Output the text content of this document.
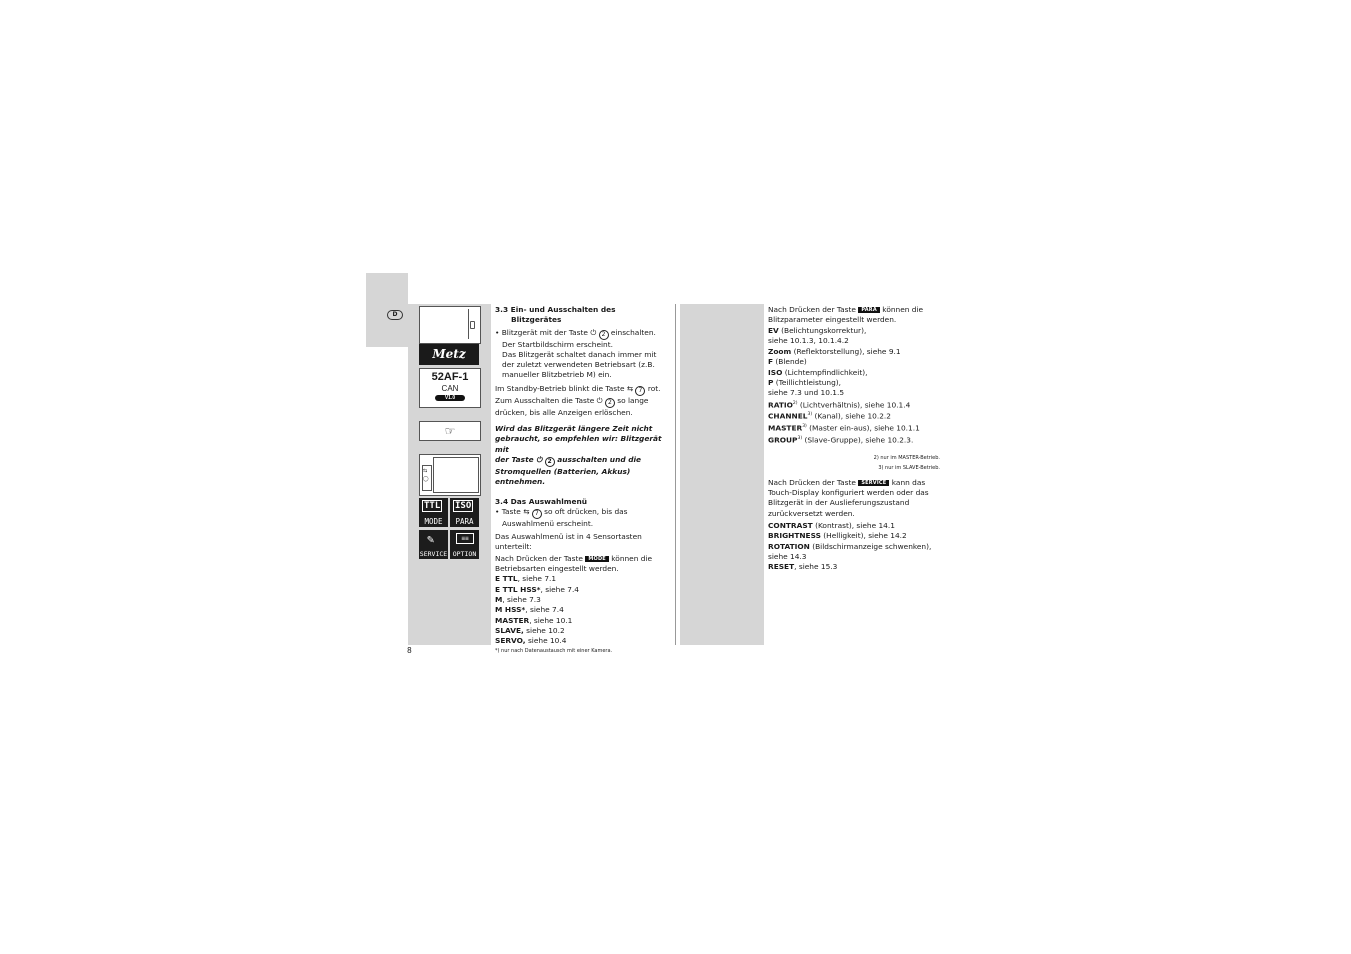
D
Metz
52AF-1
CAN
V1.0
☞
⇆
◯
TTL
MODE
ISO
PARA
✎
SERVICE
≡≡
OPTION
8

3.3 Ein- und Ausschalten des

Blitzgerätes

• Blitzgerät mit der Taste ⏻ 2 einschalten.

Der Startbildschirm erscheint.

Das Blitzgerät schaltet danach immer mit

der zuletzt verwendeten Betriebsart (z.B.

manueller Blitzbetrieb M) ein.

Im Standby-Betrieb blinkt die Taste ⇆ 7 rot.

Zum Ausschalten die Taste ⏻ 2 so lange

drücken, bis alle Anzeigen erlöschen.

Wird das Blitzgerät längere Zeit nicht

gebraucht, so empfehlen wir: Blitzgerät mit

der Taste ⏻ 2 ausschalten und die

Stromquellen (Batterien, Akkus) entnehmen.

3.4 Das Auswahlmenü

• Taste ⇆ 7 so oft drücken, bis das

Auswahlmenü erscheint.

Das Auswahlmenü ist in 4 Sensortasten

unterteilt:

Nach Drücken der Taste MODE können die

Betriebsarten eingestellt werden.

E TTL, siehe 7.1

E TTL HSS*, siehe 7.4

M, siehe 7.3

M HSS*, siehe 7.4

MASTER, siehe 10.1

SLAVE, siehe 10.2

SERVO, siehe 10.4

*) nur nach Datenaustausch mit einer Kamera.

Nach Drücken der Taste PARA können die

Blitzparameter eingestellt werden.

EV (Belichtungskorrektur),

siehe 10.1.3, 10.1.4.2

Zoom (Reflektorstellung), siehe 9.1

F (Blende)

ISO (Lichtempfindlichkeit),

P (Teillichtleistung),

siehe 7.3 und 10.1.5

RATIO$^{2)}$ (Lichtverhältnis), siehe 10.1.4

CHANNEL$^{3)}$ (Kanal), siehe 10.2.2

MASTER$^{3)}$ (Master ein-aus), siehe 10.1.1

GROUP$^{3)}$ (Slave-Gruppe), siehe 10.2.3.

2) nur im MASTER-Betrieb.

3) nur im SLAVE-Betrieb.

Nach Drücken der Taste SERVICE kann das

Touch-Display konfiguriert werden oder das

Blitzgerät in der Auslieferungszustand

zurückversetzt werden.

CONTRAST (Kontrast), siehe 14.1

BRIGHTNESS (Helligkeit), siehe 14.2

ROTATION (Bildschirmanzeige schwenken),

siehe 14.3

RESET, siehe 15.3
